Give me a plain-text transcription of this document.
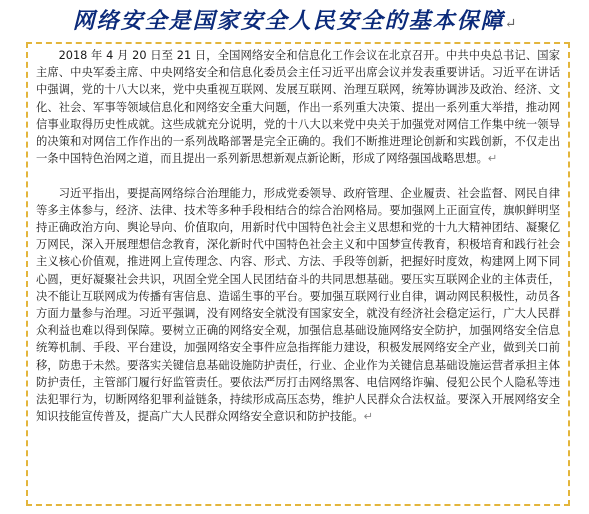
网络安全是国家安全人民安全的基本保障↵

2018 年 4 月 20 日至 21 日，全国网络安全和信息化工作会议在北京召开。中共中央总书记、国家主席、中央军委主席、中央网络安全和信息化委员会主任习近平出席会议并发表重要讲话。习近平在讲话中强调，党的十八大以来，党中央重视互联网、发展互联网、治理互联网，统筹协调涉及政治、经济、文化、社会、军事等领域信息化和网络安全重大问题，作出一系列重大决策、提出一系列重大举措，推动网信事业取得历史性成就。这些成就充分说明，党的十八大以来党中央关于加强党对网信工作集中统一领导的决策和对网信工作作出的一系列战略部署是完全正确的。我们不断推进理论创新和实践创新，不仅走出一条中国特色治网之道，而且提出一系列新思想新观点新论断，形成了网络强国战略思想。↵

习近平指出，要提高网络综合治理能力，形成党委领导、政府管理、企业履责、社会监督、网民自律等多主体参与，经济、法律、技术等多种手段相结合的综合治网格局。要加强网上正面宣传，旗帜鲜明坚持正确政治方向、舆论导向、价值取向，用新时代中国特色社会主义思想和党的十九大精神团结、凝聚亿万网民，深入开展理想信念教育，深化新时代中国特色社会主义和中国梦宣传教育，积极培育和践行社会主义核心价值观，推进网上宣传理念、内容、形式、方法、手段等创新，把握好时度效，构建网上网下同心圆，更好凝聚社会共识，巩固全党全国人民团结奋斗的共同思想基础。要压实互联网企业的主体责任，决不能让互联网成为传播有害信息、造谣生事的平台。要加强互联网行业自律，调动网民积极性，动员各方面力量参与治理。习近平强调，没有网络安全就没有国家安全，就没有经济社会稳定运行，广大人民群众利益也难以得到保障。要树立正确的网络安全观，加强信息基础设施网络安全防护，加强网络安全信息统筹机制、手段、平台建设，加强网络安全事件应急指挥能力建设，积极发展网络安全产业，做到关口前移，防患于未然。要落实关键信息基础设施防护责任，行业、企业作为关键信息基础设施运营者承担主体防护责任，主管部门履行好监管责任。要依法严厉打击网络黑客、电信网络诈骗、侵犯公民个人隐私等违法犯罪行为，切断网络犯罪利益链条，持续形成高压态势，维护人民群众合法权益。要深入开展网络安全知识技能宣传普及，提高广大人民群众网络安全意识和防护技能。↵
